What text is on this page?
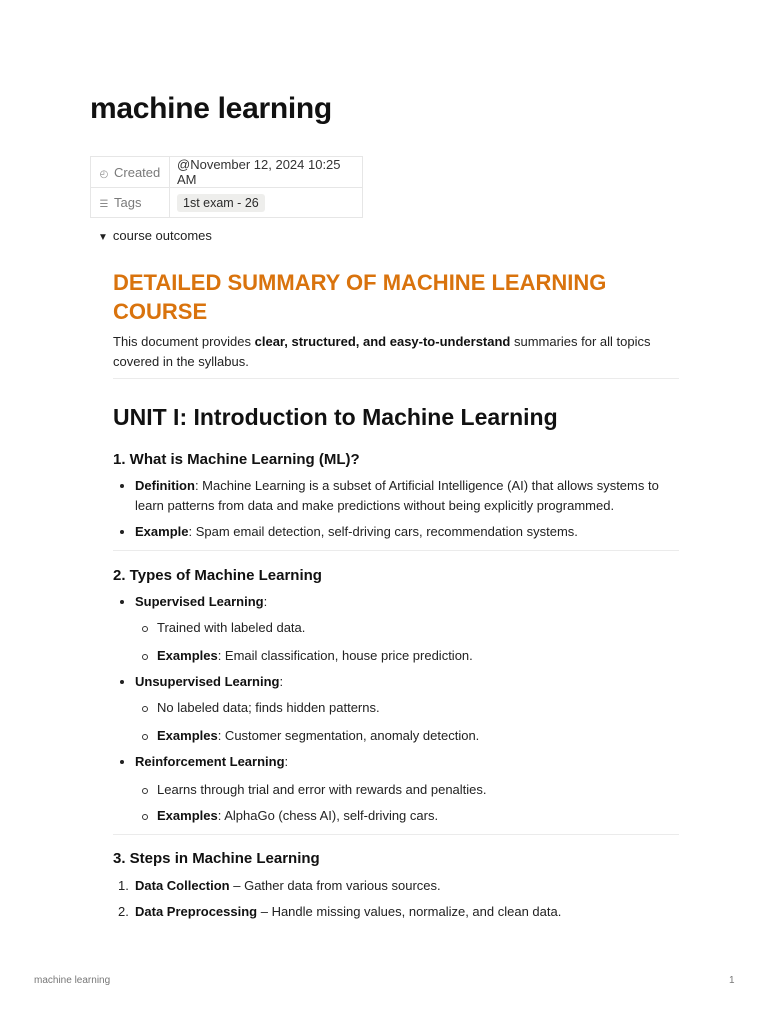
machine learning
◴ Created	@November 12, 2024 10:25 AM
☰ Tags	1st exam - 26
▼ course outcomes
DETAILED SUMMARY OF MACHINE LEARNING
COURSE

This document provides clear, structured, and easy-to-understand summaries for all topics covered in the syllabus.

UNIT I: Introduction to Machine Learning
1. What is Machine Learning (ML)?
Definition: Machine Learning is a subset of Artificial Intelligence (AI) that allows systems to learn patterns from data and make predictions without being explicitly programmed.
Example: Spam email detection, self-driving cars, recommendation systems.
2. Types of Machine Learning
Supervised Learning:
Trained with labeled data.
Examples: Email classification, house price prediction.
Unsupervised Learning:
No labeled data; finds hidden patterns.
Examples: Customer segmentation, anomaly detection.
Reinforcement Learning:
Learns through trial and error with rewards and penalties.
Examples: AlphaGo (chess AI), self-driving cars.
3. Steps in Machine Learning
1. Data Collection – Gather data from various sources.
2. Data Preprocessing – Handle missing values, normalize, and clean data.
machine learning	1
